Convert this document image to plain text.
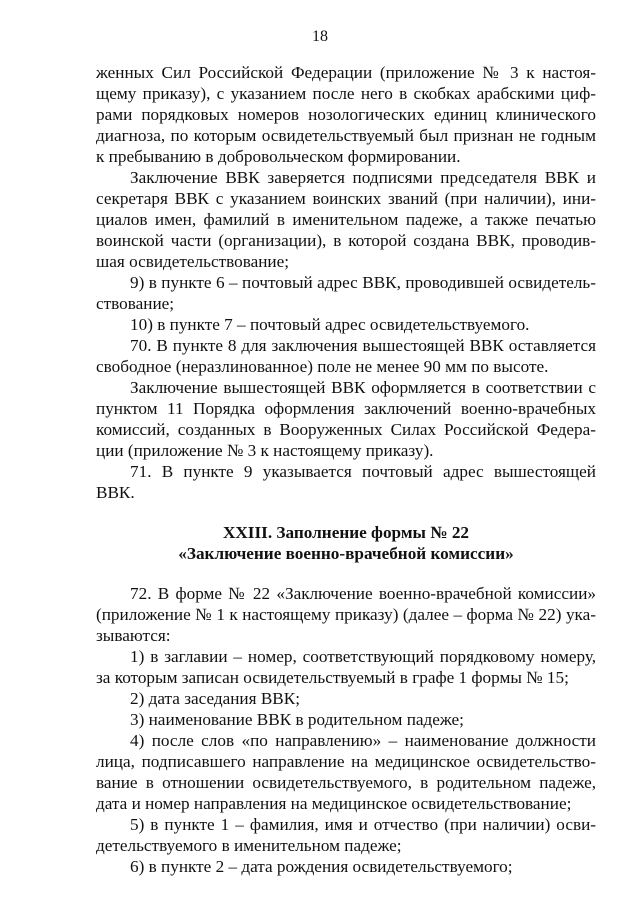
18
женных Сил Российской Федерации (приложение № 3 к настоя-
щему приказу), с указанием после него в скобках арабскими циф-
рами порядковых номеров нозологических единиц клинического
диагноза, по которым освидетельствуемый был признан не годным
к пребыванию в добровольческом формировании.
Заключение ВВК заверяется подписями председателя ВВК и
секретаря ВВК с указанием воинских званий (при наличии), ини-
циалов имен, фамилий в именительном падеже, а также печатью
воинской части (организации), в которой создана ВВК, проводив-
шая освидетельствование;
9) в пункте 6 – почтовый адрес ВВК, проводившей освидетель-
ствование;
10) в пункте 7 – почтовый адрес освидетельствуемого.
70. В пункте 8 для заключения вышестоящей ВВК оставляется
свободное (неразлинованное) поле не менее 90 мм по высоте.
Заключение вышестоящей ВВК оформляется в соответствии с
пунктом 11 Порядка оформления заключений военно-врачебных
комиссий, созданных в Вооруженных Силах Российской Федера-
ции (приложение № 3 к настоящему приказу).
71. В пункте 9 указывается почтовый адрес вышестоящей
ВВК.
XXIII. Заполнение формы № 22
«Заключение военно-врачебной комиссии»
72. В форме № 22 «Заключение военно-врачебной комиссии»
(приложение № 1 к настоящему приказу) (далее – форма № 22) ука-
зываются:
1) в заглавии – номер, соответствующий порядковому номеру,
за которым записан освидетельствуемый в графе 1 формы № 15;
2) дата заседания ВВК;
3) наименование ВВК в родительном падеже;
4) после слов «по направлению» – наименование должности
лица, подписавшего направление на медицинское освидетельство-
вание в отношении освидетельствуемого, в родительном падеже,
дата и номер направления на медицинское освидетельствование;
5) в пункте 1 – фамилия, имя и отчество (при наличии) осви-
детельствуемого в именительном падеже;
6) в пункте 2 – дата рождения освидетельствуемого;
